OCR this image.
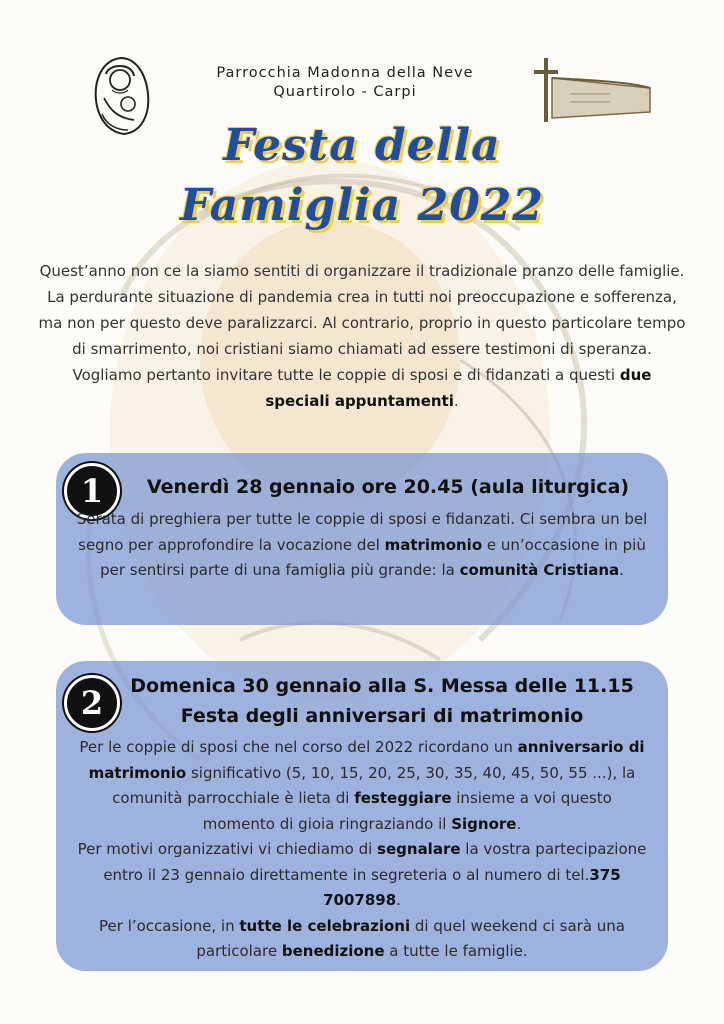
Parrocchia Madonna della Neve
Quartirolo - Carpi
Festa della
Famiglia 2022
Quest’anno non ce la siamo sentiti di organizzare il tradizionale pranzo delle famiglie. La perdurante situazione di pandemia crea in tutti noi preoccupazione e sofferenza, ma non per questo deve paralizzarci. Al contrario, proprio in questo particolare tempo di smarrimento, noi cristiani siamo chiamati ad essere testimoni di speranza.
Vogliamo pertanto invitare tutte le coppie di sposi e di fidanzati a questi due speciali appuntamenti.
1	Venerdì 28 gennaio ore 20.45 (aula liturgica)
Serata di preghiera per tutte le coppie di sposi e fidanzati. Ci sembra un bel segno per approfondire la vocazione del matrimonio e un’occasione in più per sentirsi parte di una famiglia più grande: la comunità Cristiana.
2	Domenica 30 gennaio alla S. Messa delle 11.15
Festa degli anniversari di matrimonio
Per le coppie di sposi che nel corso del 2022 ricordano un anniversario di matrimonio significativo (5, 10, 15, 20, 25, 30, 35, 40, 45, 50, 55 ...), la comunità parrocchiale è lieta di festeggiare insieme a voi questo momento di gioia ringraziando il Signore.
Per motivi organizzativi vi chiediamo di segnalare la vostra partecipazione entro il 23 gennaio direttamente in segreteria o al numero di tel.375 7007898.
Per l’occasione, in tutte le celebrazioni di quel weekend ci sarà una particolare benedizione a tutte le famiglie.
